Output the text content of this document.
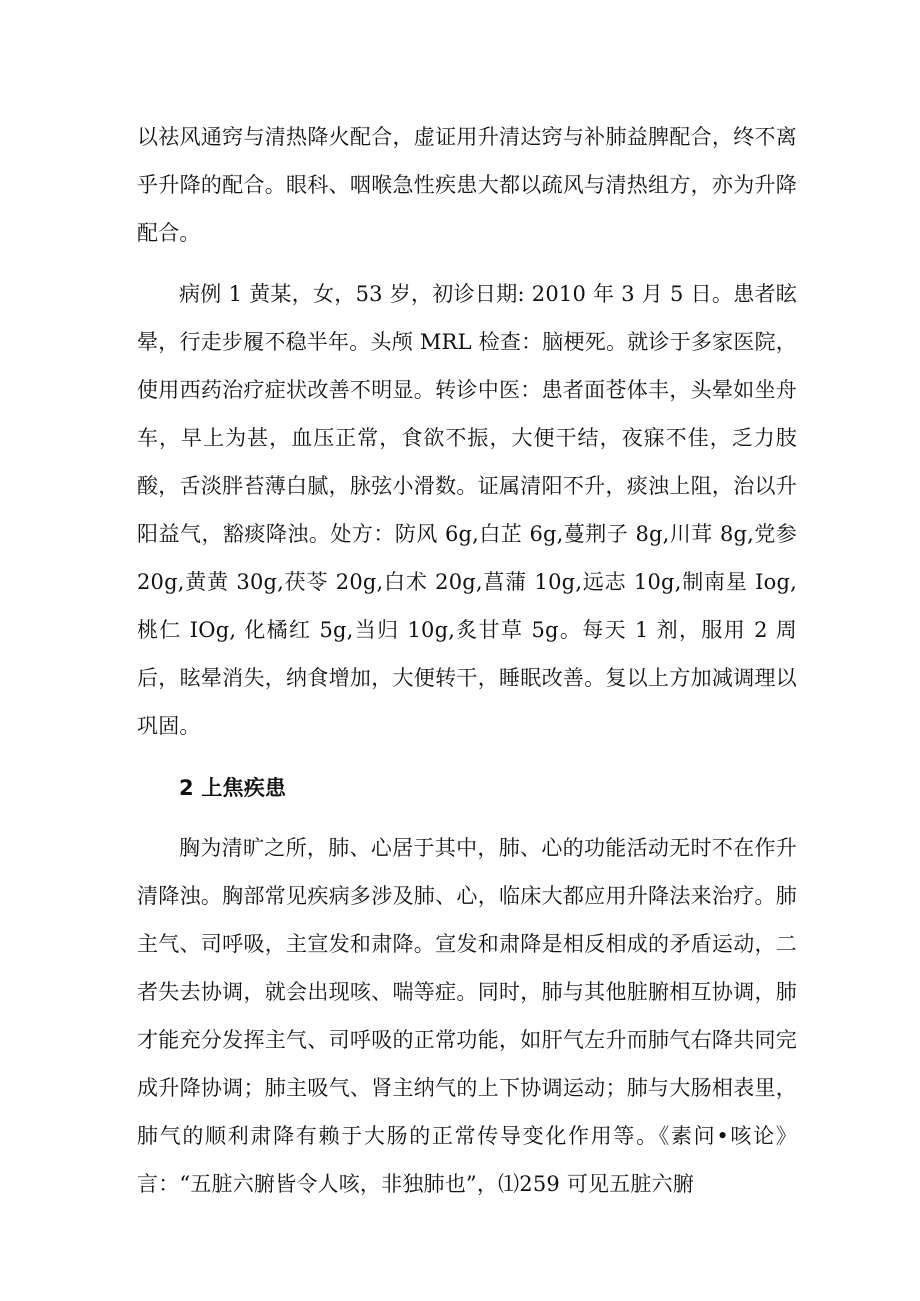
以祛风通窍与清热降火配合，虚证用升清达窍与补肺益脾配合，终不离乎升降的配合。眼科、咽喉急性疾患大都以疏风与清热组方，亦为升降配合。

病例 1 黄某，女，53 岁，初诊日期: 2010 年 3 月 5 日。患者眩晕，行走步履不稳半年。头颅 MRL 检查：脑梗死。就诊于多家医院，使用西药治疗症状改善不明显。转诊中医：患者面苍体丰，头晕如坐舟车，早上为甚，血压正常，食欲不振，大便干结，夜寐不佳，乏力肢酸，舌淡胖苔薄白腻，脉弦小滑数。证属清阳不升，痰浊上阻，治以升阳益气，豁痰降浊。处方：防风 6g,白芷 6g,蔓荆子 8g,川茸 8g,党参 20g,黄黄 30g,茯苓 20g,白术 20g,菖蒲 10g,远志 10g,制南星 Iog,桃仁 IOg, 化橘红 5g,当归 10g,炙甘草 5g。每天 1 剂，服用 2 周后，眩晕消失，纳食增加，大便转干，睡眠改善。复以上方加减调理以巩固。

2 上焦疾患

胸为清旷之所，肺、心居于其中，肺、心的功能活动无时不在作升清降浊。胸部常见疾病多涉及肺、心，临床大都应用升降法来治疗。肺主气、司呼吸，主宣发和肃降。宣发和肃降是相反相成的矛盾运动，二者失去协调，就会出现咳、喘等症。同时，肺与其他脏腑相互协调，肺才能充分发挥主气、司呼吸的正常功能，如肝气左升而肺气右降共同完成升降协调；肺主吸气、肾主纳气的上下协调运动；肺与大肠相表里，肺气的顺利肃降有赖于大肠的正常传导变化作用等。《素问•咳论》言：“五脏六腑皆令人咳，非独肺也”，⑴259 可见五脏六腑
